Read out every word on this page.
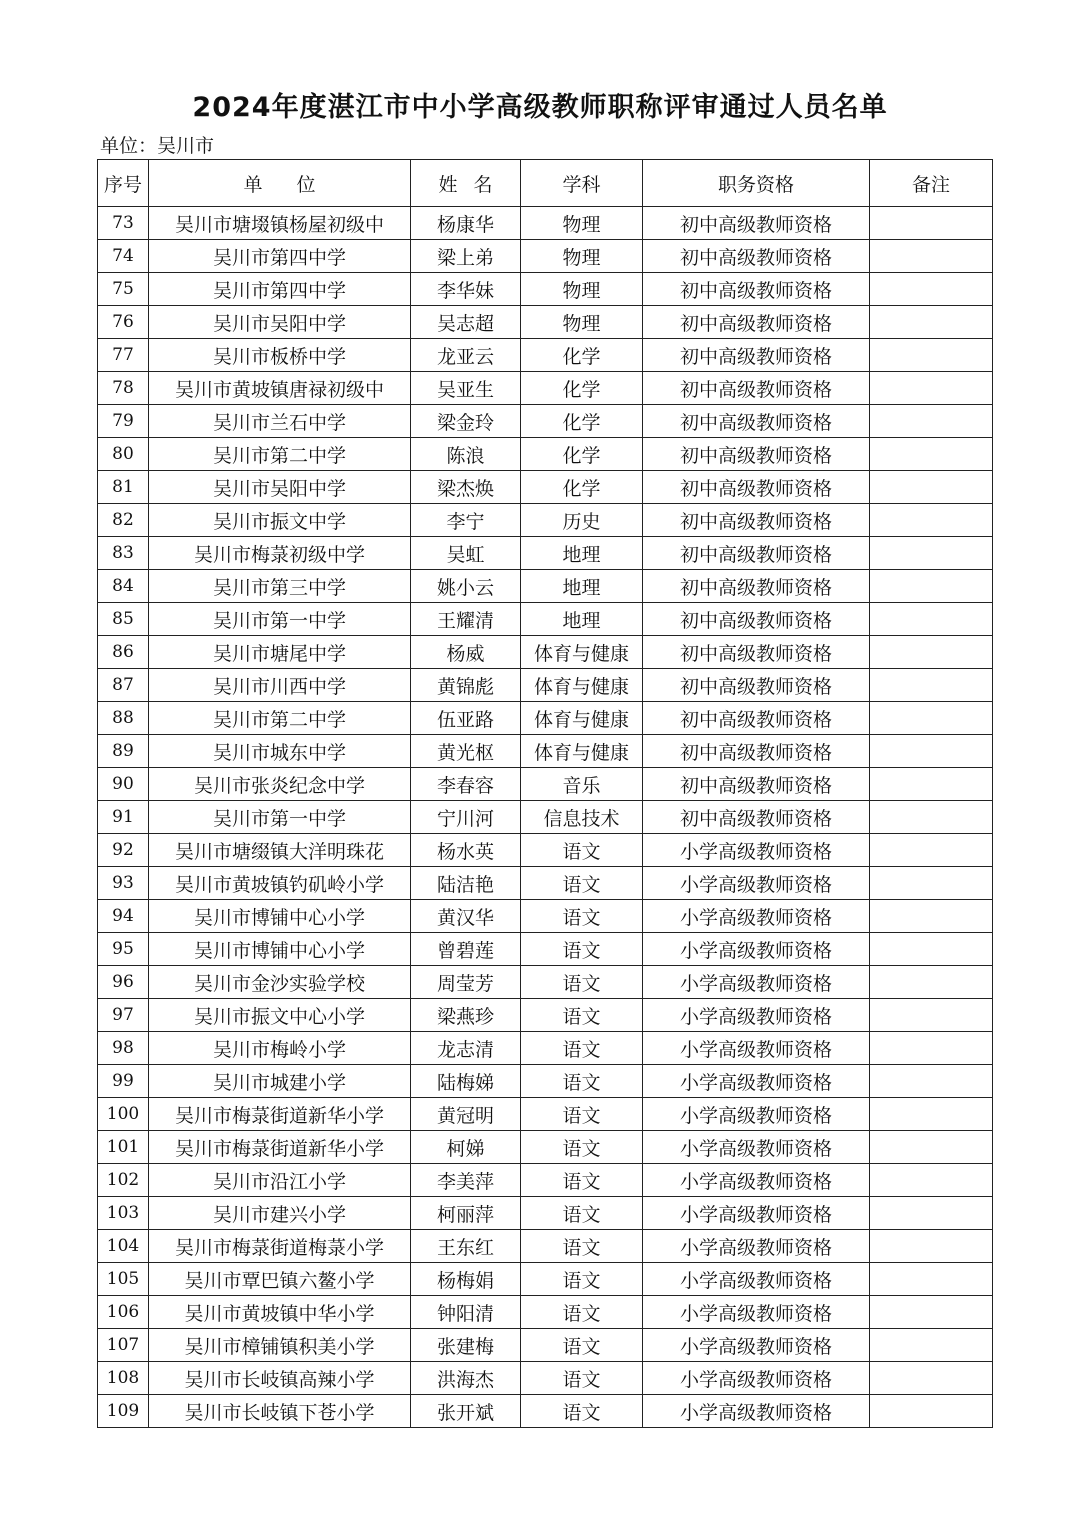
2024年度湛江市中小学高级教师职称评审通过人员名单
单位：吴川市
序号	单位	姓名	学科	职务资格	备注
73	吴川市塘㙍镇杨屋初级中	杨康华	物理	初中高级教师资格	
74	吴川市第四中学	梁上弟	物理	初中高级教师资格	
75	吴川市第四中学	李华妹	物理	初中高级教师资格	
76	吴川市吴阳中学	吴志超	物理	初中高级教师资格	
77	吴川市板桥中学	龙亚云	化学	初中高级教师资格	
78	吴川市黄坡镇唐禄初级中	吴亚生	化学	初中高级教师资格	
79	吴川市兰石中学	梁金玲	化学	初中高级教师资格	
80	吴川市第二中学	陈浪	化学	初中高级教师资格	
81	吴川市吴阳中学	梁杰焕	化学	初中高级教师资格	
82	吴川市振文中学	李宁	历史	初中高级教师资格	
83	吴川市梅菉初级中学	吴虹	地理	初中高级教师资格	
84	吴川市第三中学	姚小云	地理	初中高级教师资格	
85	吴川市第一中学	王耀清	地理	初中高级教师资格	
86	吴川市塘尾中学	杨威	体育与健康	初中高级教师资格	
87	吴川市川西中学	黄锦彪	体育与健康	初中高级教师资格	
88	吴川市第二中学	伍亚路	体育与健康	初中高级教师资格	
89	吴川市城东中学	黄光枢	体育与健康	初中高级教师资格	
90	吴川市张炎纪念中学	李春容	音乐	初中高级教师资格	
91	吴川市第一中学	宁川河	信息技术	初中高级教师资格	
92	吴川市塘缀镇大洋明珠花	杨水英	语文	小学高级教师资格	
93	吴川市黄坡镇钓矶岭小学	陆洁艳	语文	小学高级教师资格	
94	吴川市博铺中心小学	黄汉华	语文	小学高级教师资格	
95	吴川市博铺中心小学	曾碧莲	语文	小学高级教师资格	
96	吴川市金沙实验学校	周莹芳	语文	小学高级教师资格	
97	吴川市振文中心小学	梁燕珍	语文	小学高级教师资格	
98	吴川市梅岭小学	龙志清	语文	小学高级教师资格	
99	吴川市城建小学	陆梅娣	语文	小学高级教师资格	
100	吴川市梅菉街道新华小学	黄冠明	语文	小学高级教师资格	
101	吴川市梅菉街道新华小学	柯娣	语文	小学高级教师资格	
102	吴川市沿江小学	李美萍	语文	小学高级教师资格	
103	吴川市建兴小学	柯丽萍	语文	小学高级教师资格	
104	吴川市梅菉街道梅菉小学	王东红	语文	小学高级教师资格	
105	吴川市覃巴镇六鳌小学	杨梅娟	语文	小学高级教师资格	
106	吴川市黄坡镇中华小学	钟阳清	语文	小学高级教师资格	
107	吴川市樟铺镇积美小学	张建梅	语文	小学高级教师资格	
108	吴川市长岐镇高辣小学	洪海杰	语文	小学高级教师资格	
109	吴川市长岐镇下苍小学	张开斌	语文	小学高级教师资格	
